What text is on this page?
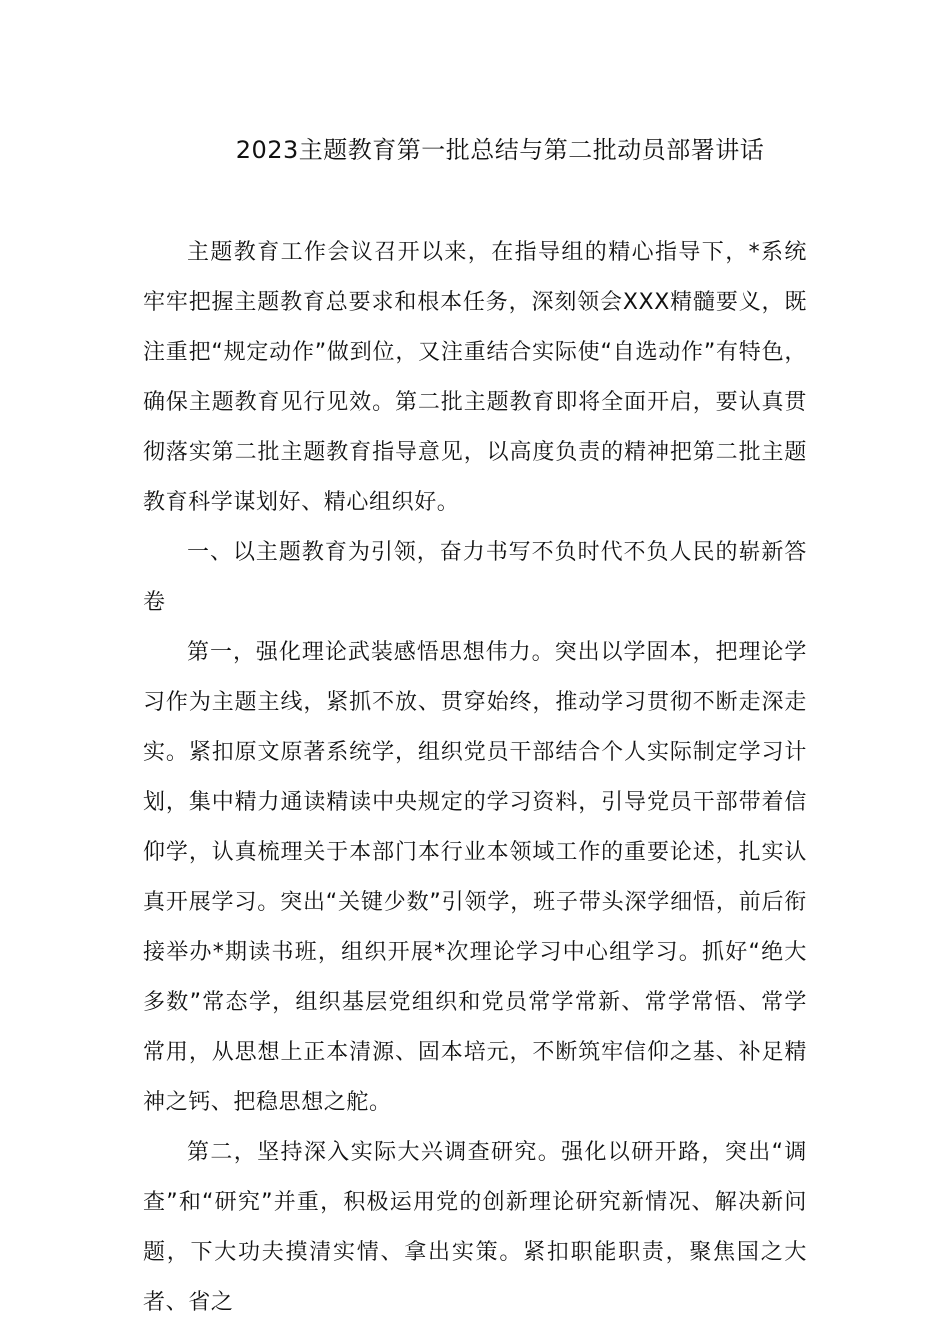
2023主题教育第一批总结与第二批动员部署讲话

主题教育工作会议召开以来，在指导组的精心指导下，*系统牢牢把握主题教育总要求和根本任务，深刻领会XXX精髓要义，既注重把“规定动作”做到位，又注重结合实际使“自选动作”有特色，确保主题教育见行见效。第二批主题教育即将全面开启，要认真贯彻落实第二批主题教育指导意见，以高度负责的精神把第二批主题教育科学谋划好、精心组织好。

一、以主题教育为引领，奋力书写不负时代不负人民的崭新答卷

第一，强化理论武装感悟思想伟力。突出以学固本，把理论学习作为主题主线，紧抓不放、贯穿始终，推动学习贯彻不断走深走实。紧扣原文原著系统学，组织党员干部结合个人实际制定学习计划，集中精力通读精读中央规定的学习资料，引导党员干部带着信仰学，认真梳理关于本部门本行业本领域工作的重要论述，扎实认真开展学习。突出“关键少数”引领学，班子带头深学细悟，前后衔接举办*期读书班，组织开展*次理论学习中心组学习。抓好“绝大多数”常态学，组织基层党组织和党员常学常新、常学常悟、常学常用，从思想上正本清源、固本培元，不断筑牢信仰之基、补足精神之钙、把稳思想之舵。

第二，坚持深入实际大兴调查研究。强化以研开路，突出“调查”和“研究”并重，积极运用党的创新理论研究新情况、解决新问题，下大功夫摸清实情、拿出实策。紧扣职能职责，聚焦国之大者、省之
